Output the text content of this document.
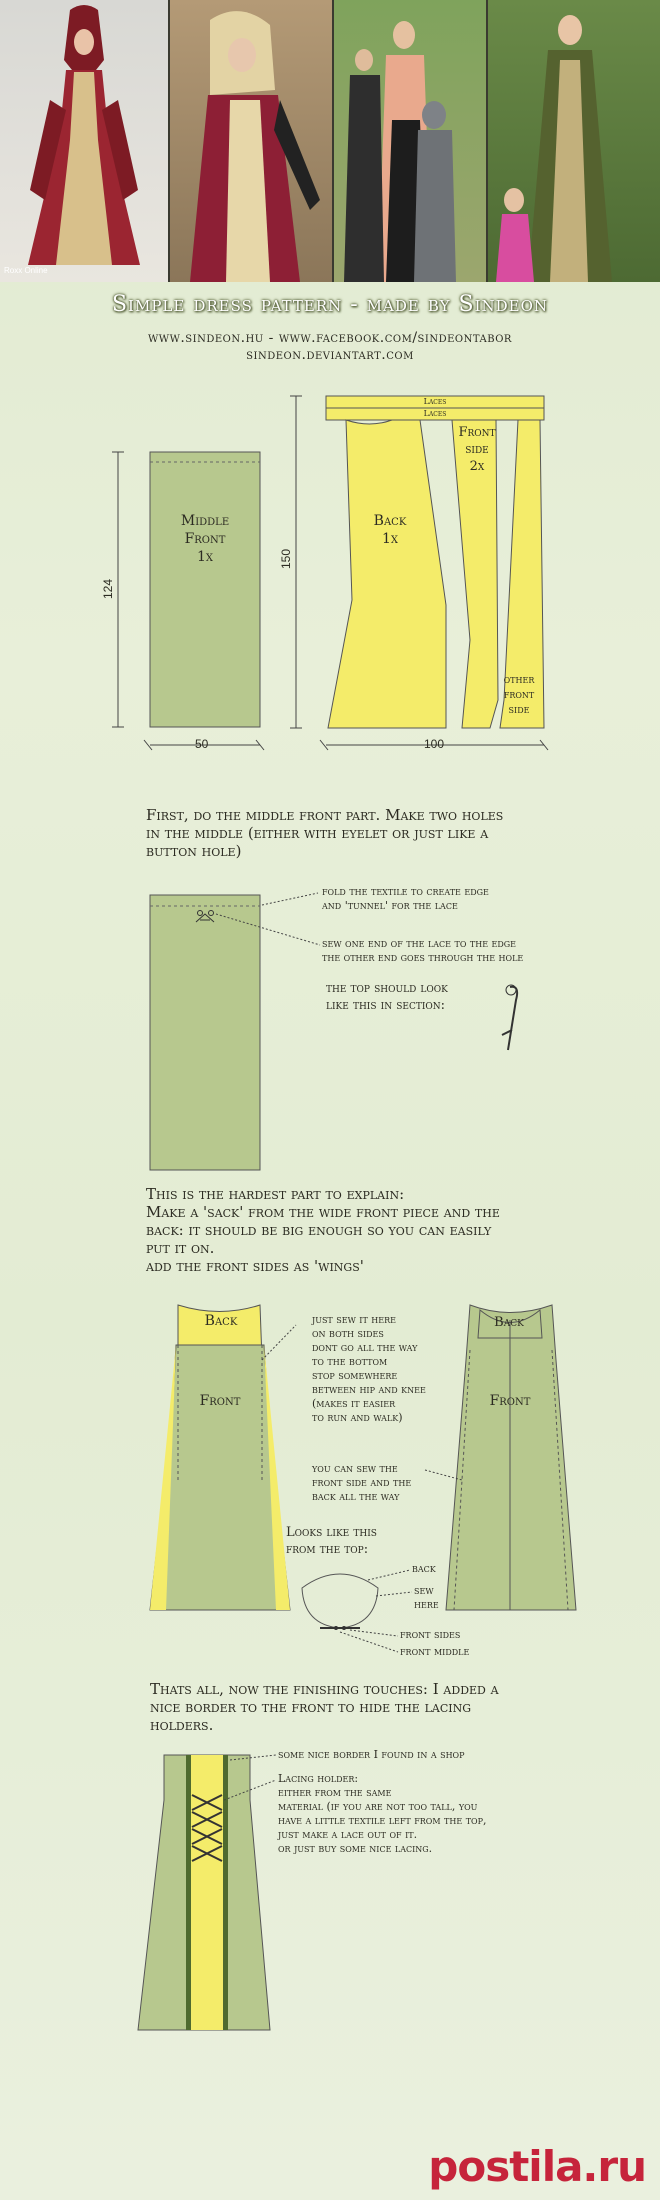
Roxx Online
Simple dress pattern - made by Sindeon
www.sindeon.hu - www.facebook.com/sindeontabor
sindeon.deviantart.com
Middle
Front
1x
Back
1x
Front
side
2x
other
front
side
Laces
Laces
50
124
150
100
First, do the middle front part. Make two holes
in the middle (either with eyelet or just like a
button hole)
fold the textile to create edge
and 'tunnel' for the lace
sew one end of the lace to the edge
the other end goes through the hole
the top should look
like this in section:
This is the hardest part to explain:
Make a 'sack' from the wide front piece and the
back: it should be big enough so you can easily
put it on.
add the front sides as 'wings'
Back
Front
Back
Front
just sew it here
on both sides
dont go all the way
to the bottom
stop somewhere
between hip and knee
(makes it easier
to run and walk)
you can sew the
front side and the
back all the way
Looks like this
from the top:
back
sew
here
front sides
front middle
Thats all, now the finishing touches: I added a
nice border to the front to hide the lacing
holders.
some nice border I found in a shop
Lacing holder:
either from the same
material (if you are not too tall, you
have a little textile left from the top,
just make a lace out of it.
or just buy some nice lacing.
postila.ru
